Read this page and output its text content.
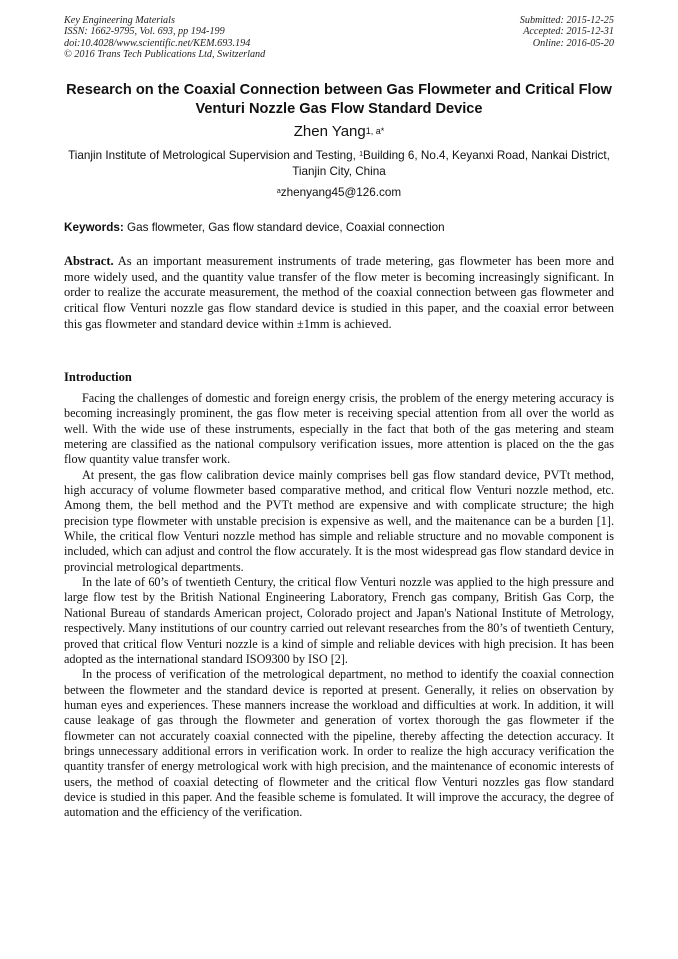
Key Engineering Materials
ISSN: 1662-9795, Vol. 693, pp 194-199
doi:10.4028/www.scientific.net/KEM.693.194
© 2016 Trans Tech Publications Ltd, Switzerland
Submitted: 2015-12-25
Accepted: 2015-12-31
Online: 2016-05-20
Research on the Coaxial Connection between Gas Flowmeter and Critical Flow Venturi Nozzle Gas Flow Standard Device
Zhen Yang$^{1, a*}$
Tianjin Institute of Metrological Supervision and Testing, $^1$Building 6, No.4, Keyanxi Road, Nankai District, Tianjin City, China
$^a$zhenyang45@126.com
Keywords: Gas flowmeter, Gas flow standard device, Coaxial connection
Abstract. As an important measurement instruments of trade metering, gas flowmeter has been more and more widely used, and the quantity value transfer of the flow meter is becoming increasingly significant. In order to realize the accurate measurement, the method of the coaxial connection between gas flowmeter and critical flow Venturi nozzle gas flow standard device is studied in this paper, and the coaxial error between this gas flowmeter and standard device within ±1mm is achieved.
Introduction

Facing the challenges of domestic and foreign energy crisis, the problem of the energy metering accuracy is becoming increasingly prominent, the gas flow meter is receiving special attention from all over the world as well. With the wide use of these instruments, especially in the fact that both of the gas metering and steam metering are classified as the national compulsory verification issues, more attention is placed on the the gas flow quantity value transfer work.

At present, the gas flow calibration device mainly comprises bell gas flow standard device, PVTt method, high accuracy of volume flowmeter based comparative method, and critical flow Venturi nozzle method, etc. Among them, the bell method and the PVTt method are expensive and with complicate structure; the high precision type flowmeter with unstable precision is expensive as well, and the maitenance can be a burden [1]. While, the critical flow Venturi nozzle method has simple and reliable structure and no movable component is included, which can adjust and control the flow accurately. It is the most widespread gas flow standard device in provincial metrological departments.

In the late of 60’s of twentieth Century, the critical flow Venturi nozzle was applied to the high pressure and large flow test by the British National Engineering Laboratory, French gas company, British Gas Corp, the National Bureau of standards American project, Colorado project and Japan's National Institute of Metrology, respectively. Many institutions of our country carried out relevant researches from the 80’s of twentieth Century, proved that critical flow Venturi nozzle is a kind of simple and reliable devices with high precision. It has been adopted as the international standard ISO9300 by ISO [2].

In the process of verification of the metrological department, no method to identify the coaxial connection between the flowmeter and the standard device is reported at present. Generally, it relies on observation by human eyes and experiences. These manners increase the workload and difficulties at work. In addition, it will cause leakage of gas through the flowmeter and generation of vortex thorough the gas flowmeter if the flowmeter can not accurately coaxial connected with the pipeline, thereby affecting the detection accuracy. It brings unnecessary additional errors in verification work. In order to realize the high accuracy verification the quantity transfer of energy metrological work with high precision, and the maintenance of economic interests of users, the method of coaxial detecting of flowmeter and the critical flow Venturi nozzles gas flow standard device is studied in this paper. And the feasible scheme is fomulated. It will improve the accuracy, the degree of automation and the efficiency of the verification.
